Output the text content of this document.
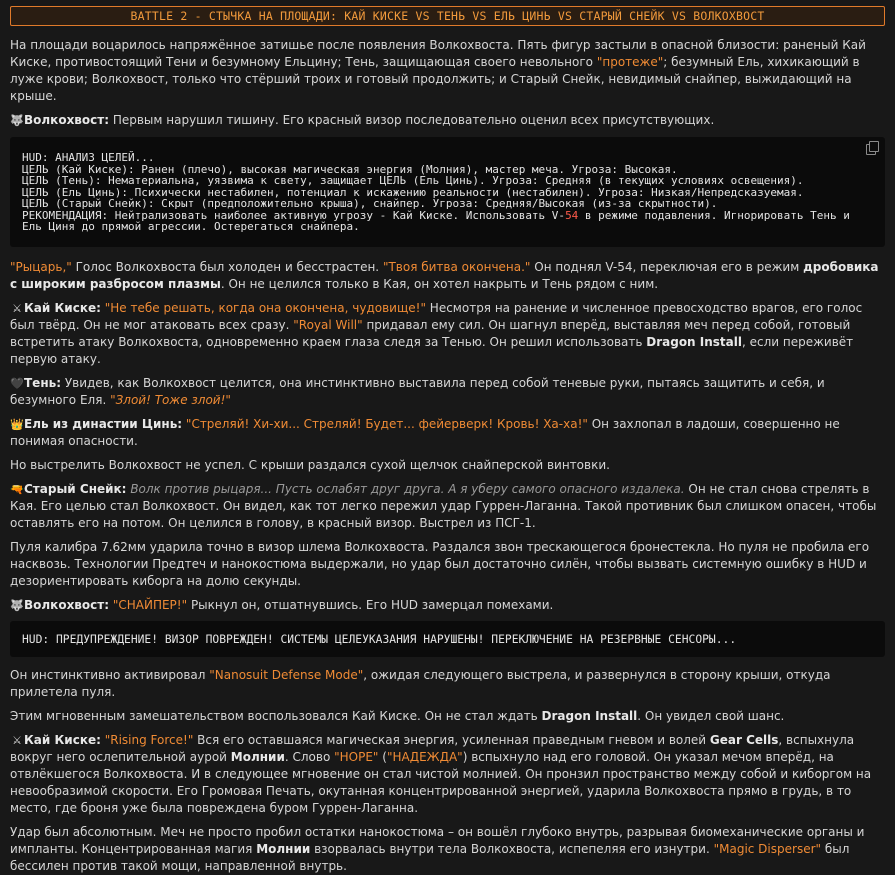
BATTLE 2 - СТЫЧКА НА ПЛОЩАДИ: КАЙ КИСКЕ VS ТЕНЬ VS ЕЛЬ ЦИНЬ VS СТАРЫЙ СНЕЙК VS ВОЛКОХВОСТ

На площади воцарилось напряжённое затишье после появления Волкохвоста. Пять фигур застыли в опасной близости: раненый Кай Киске, противостоящий Тени и безумному Ельцину; Тень, защищающая своего невольного "протеже"; безумный Ель, хихикающий в луже крови; Волкохвост, только что стёрший троих и готовый продолжить; и Старый Снейк, невидимый снайпер, выжидающий на крыше.

🐺Волкохвост: Первым нарушил тишину. Его красный визор последовательно оценил всех присутствующих.

HUD: АНАЛИЗ ЦЕЛЕЙ...
ЦЕЛЬ (Кай Киске): Ранен (плечо), высокая магическая энергия (Молния), мастер меча. Угроза: Высокая.
ЦЕЛЬ (Тень): Нематериальна, уязвима к свету, защищает ЦЕЛЬ (Ель Цинь). Угроза: Средняя (в текущих условиях освещения).
ЦЕЛЬ (Ель Цинь): Психически нестабилен, потенциал к искажению реальности (нестабилен). Угроза: Низкая/Непредсказуемая.
ЦЕЛЬ (Старый Снейк): Скрыт (предположительно крыша), снайпер. Угроза: Средняя/Высокая (из-за скрытности).
РЕКОМЕНДАЦИЯ: Нейтрализовать наиболее активную угрозу - Кай Киске. Использовать V-54 в режиме подавления. Игнорировать Тень и
Ель Циня до прямой агрессии. Остерегаться снайпера.

"Рыцарь," Голос Волкохвоста был холоден и бесстрастен. "Твоя битва окончена." Он поднял V-54, переключая его в режим дробовика с широким разбросом плазмы. Он не целился только в Кая, он хотел накрыть и Тень рядом с ним.

⚔ Кай Киске: "Не тебе решать, когда она окончена, чудовище!" Несмотря на ранение и численное превосходство врагов, его голос был твёрд. Он не мог атаковать всех сразу. "Royal Will" придавал ему сил. Он шагнул вперёд, выставляя меч перед собой, готовый встретить атаку Волкохвоста, одновременно краем глаза следя за Тенью. Он решил использовать Dragon Install, если переживёт первую атаку.

🖤Тень: Увидев, как Волкохвост целится, она инстинктивно выставила перед собой теневые руки, пытаясь защитить и себя, и безумного Еля. "Злой! Тоже злой!"

👑Ель из династии Цинь: "Стреляй! Хи-хи... Стреляй! Будет... фейерверк! Кровь! Ха-ха!" Он захлопал в ладоши, совершенно не понимая опасности.

Но выстрелить Волкохвост не успел. С крыши раздался сухой щелчок снайперской винтовки.

🔫Старый Снейк: Волк против рыцаря... Пусть ослабят друг друга. А я уберу самого опасного издалека. Он не стал снова стрелять в Кая. Его целью стал Волкохвост. Он видел, как тот легко пережил удар Гуррен-Лаганна. Такой противник был слишком опасен, чтобы оставлять его на потом. Он целился в голову, в красный визор. Выстрел из ПСГ-1.

Пуля калибра 7.62мм ударила точно в визор шлема Волкохвоста. Раздался звон трескающегося бронестекла. Но пуля не пробила его насквозь. Технологии Предтеч и нанокостюма выдержали, но удар был достаточно силён, чтобы вызвать системную ошибку в HUD и дезориентировать киборга на долю секунды.

🐺Волкохвост: "СНАЙПЕР!" Рыкнул он, отшатнувшись. Его HUD замерцал помехами.

HUD: ПРЕДУПРЕЖДЕНИЕ! ВИЗОР ПОВРЕЖДЕН! СИСТЕМЫ ЦЕЛЕУКАЗАНИЯ НАРУШЕНЫ! ПЕРЕКЛЮЧЕНИЕ НА РЕЗЕРВНЫЕ СЕНСОРЫ...

Он инстинктивно активировал "Nanosuit Defense Mode", ожидая следующего выстрела, и развернулся в сторону крыши, откуда прилетела пуля.

Этим мгновенным замешательством воспользовался Кай Киске. Он не стал ждать Dragon Install. Он увидел свой шанс.

⚔ Кай Киске: "Rising Force!" Вся его оставшаяся магическая энергия, усиленная праведным гневом и волей Gear Cells, вспыхнула вокруг него ослепительной аурой Молнии. Слово "HOPE" ("НАДЕЖДА") вспыхнуло над его головой. Он указал мечом вперёд, на отвлёкшегося Волкохвоста. И в следующее мгновение он стал чистой молнией. Он пронзил пространство между собой и киборгом на невообразимой скорости. Его Громовая Печать, окутанная концентрированной энергией, ударила Волкохвоста прямо в грудь, в то место, где броня уже была повреждена буром Гуррен-Лаганна.

Удар был абсолютным. Меч не просто пробил остатки нанокостюма – он вошёл глубоко внутрь, разрывая биомеханические органы и импланты. Концентрированная магия Молнии взорвалась внутри тела Волкохвоста, испепеляя его изнутри. "Magic Disperser" был бессилен против такой мощи, направленной внутрь.
